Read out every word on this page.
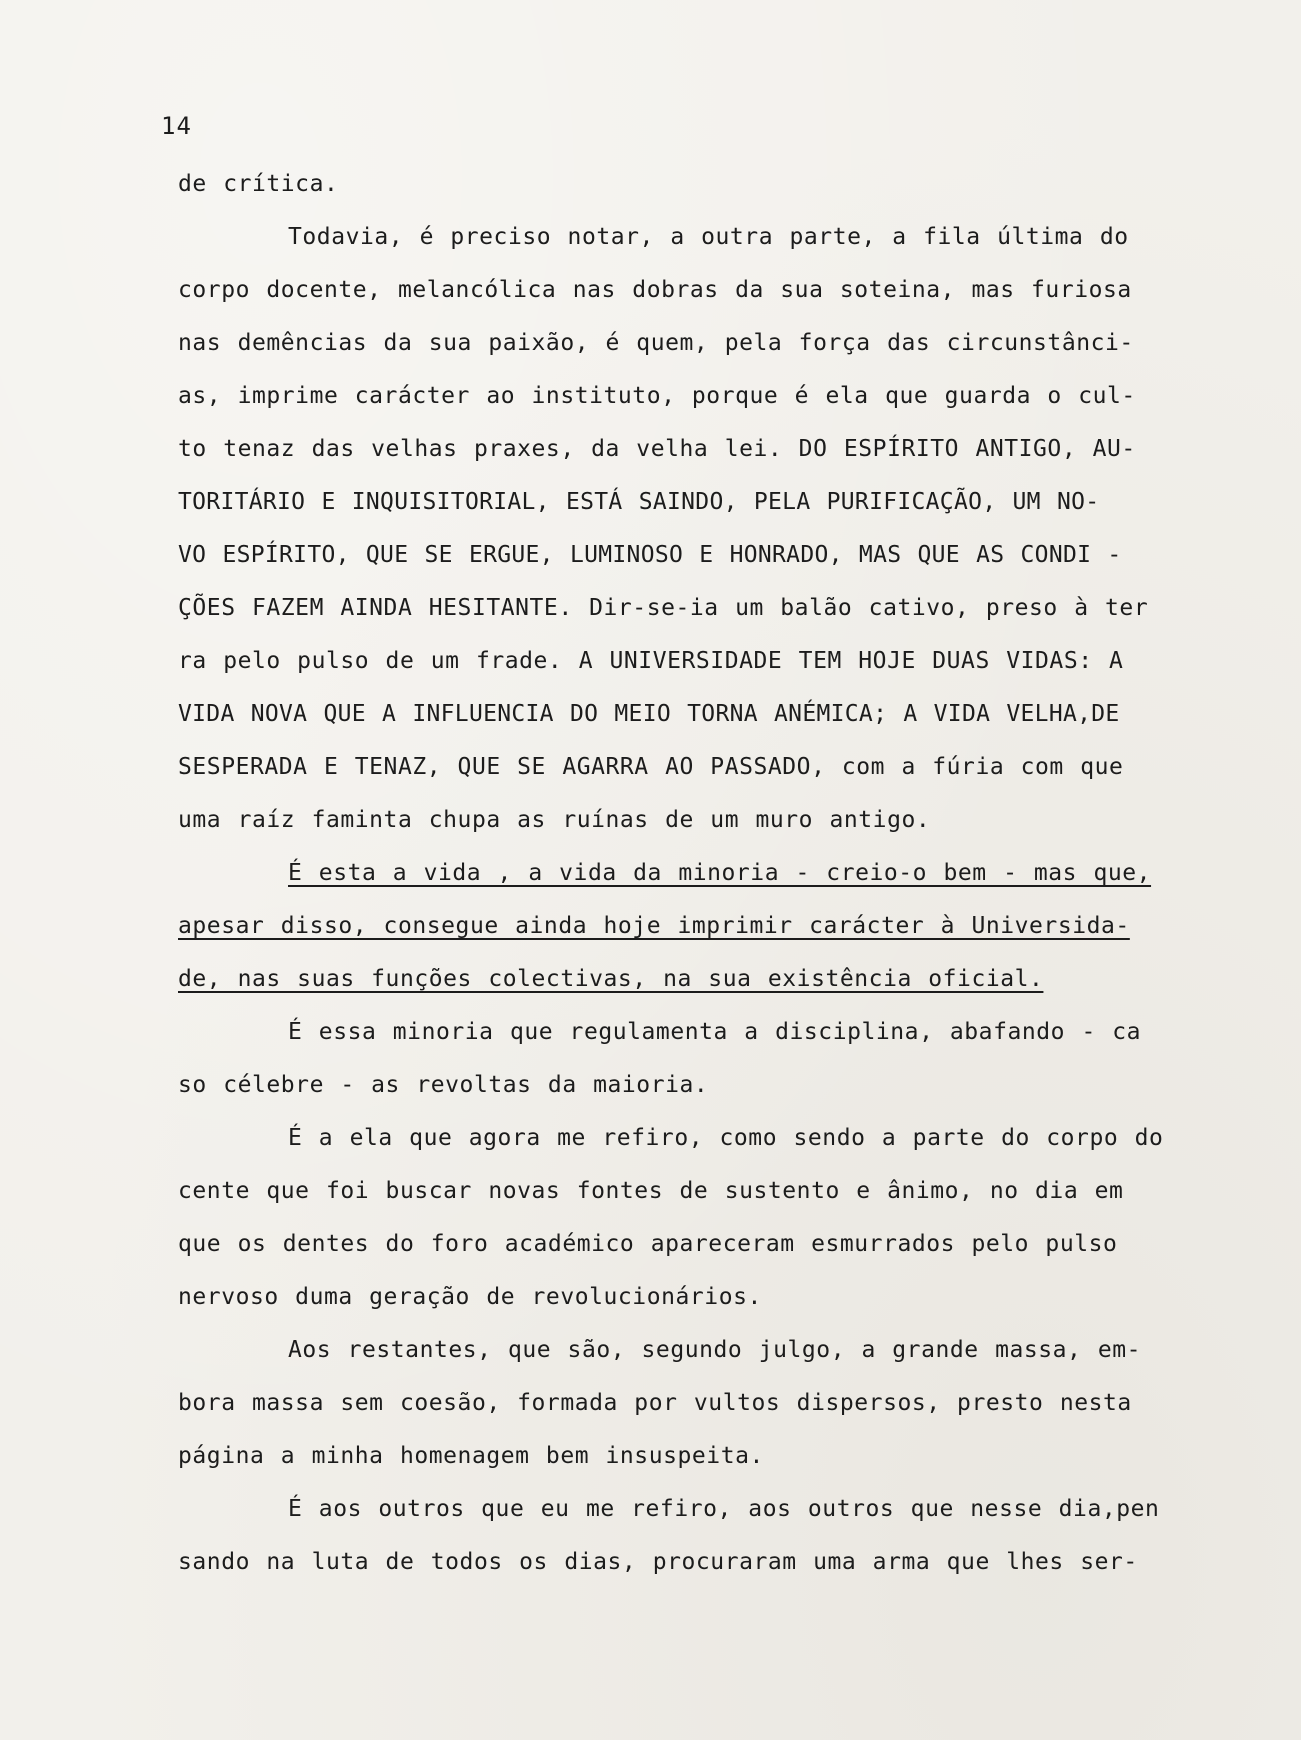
14
de crítica.
Todavia, é preciso notar, a outra parte, a fila última do
corpo docente, melancólica nas dobras da sua soteina, mas furiosa
nas demências da sua paixão, é quem, pela força das circunstânci-
as, imprime carácter ao instituto, porque é ela que guarda o cul-
to tenaz das velhas praxes, da velha lei. DO ESPÍRITO ANTIGO, AU-
TORITÁRIO E INQUISITORIAL, ESTÁ SAINDO, PELA PURIFICAÇÃO, UM NO-
VO ESPÍRITO, QUE SE ERGUE, LUMINOSO E HONRADO, MAS QUE AS CONDI -
ÇÕES FAZEM AINDA HESITANTE. Dir-se-ia um balão cativo, preso à ter
ra pelo pulso de um frade. A UNIVERSIDADE TEM HOJE DUAS VIDAS: A
VIDA NOVA QUE A INFLUENCIA DO MEIO TORNA ANÉMICA; A VIDA VELHA,DE
SESPERADA E TENAZ, QUE SE AGARRA AO PASSADO, com a fúria com que
uma raíz faminta chupa as ruínas de um muro antigo.
É esta a vida , a vida da minoria - creio-o bem - mas que,
apesar disso, consegue ainda hoje imprimir carácter à Universida-
de, nas suas funções colectivas, na sua existência oficial.
É essa minoria que regulamenta a disciplina, abafando - ca
so célebre - as revoltas da maioria.
É a ela que agora me refiro, como sendo a parte do corpo do
cente que foi buscar novas fontes de sustento e ânimo, no dia em
que os dentes do foro académico apareceram esmurrados pelo pulso
nervoso duma geração de revolucionários.
Aos restantes, que são, segundo julgo, a grande massa, em-
bora massa sem coesão, formada por vultos dispersos, presto nesta
página a minha homenagem bem insuspeita.
É aos outros que eu me refiro, aos outros que nesse dia,pen
sando na luta de todos os dias, procuraram uma arma que lhes ser-
